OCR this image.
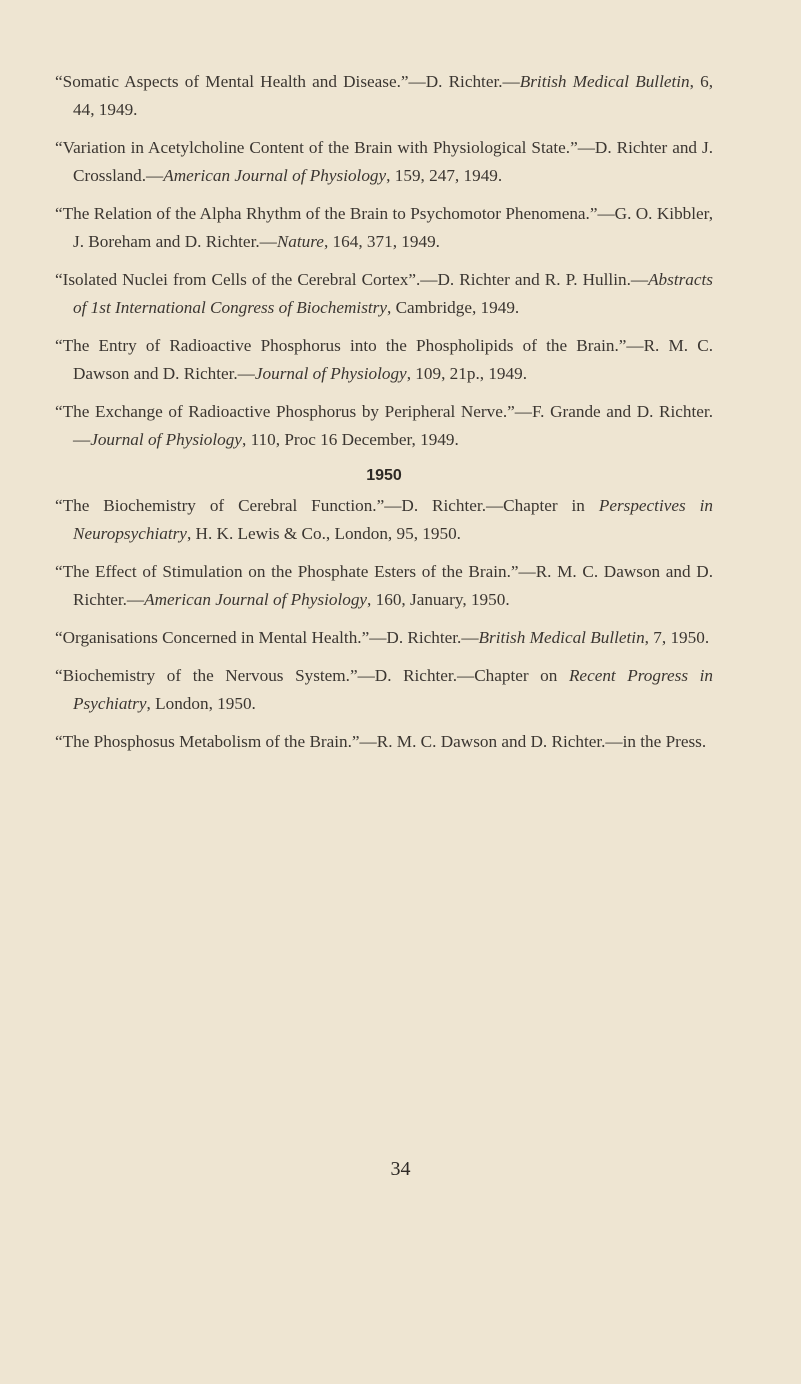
“Somatic Aspects of Mental Health and Disease.”—D. Richter.—British Medical Bulletin, 6, 44, 1949.

“Variation in Acetylcholine Content of the Brain with Physiological State.”—D. Richter and J. Crossland.—American Journal of Physiology, 159, 247, 1949.

“The Relation of the Alpha Rhythm of the Brain to Psychomotor Phenomena.”—G. O. Kibbler, J. Boreham and D. Richter.—Nature, 164, 371, 1949.

“Isolated Nuclei from Cells of the Cerebral Cortex”.—D. Richter and R. P. Hullin.—Abstracts of 1st International Congress of Biochemistry, Cambridge, 1949.

“The Entry of Radioactive Phosphorus into the Phospholipids of the Brain.”—R. M. C. Dawson and D. Richter.—Journal of Physiology, 109, 21p., 1949.

“The Exchange of Radioactive Phosphorus by Peripheral Nerve.”—F. Grande and D. Richter.—Journal of Physiology, 110, Proc 16 December, 1949.

1950

“The Biochemistry of Cerebral Function.”—D. Richter.—Chapter in Perspectives in Neuropsychiatry, H. K. Lewis & Co., London, 95, 1950.

“The Effect of Stimulation on the Phosphate Esters of the Brain.”—R. M. C. Dawson and D. Richter.—American Journal of Physiology, 160, January, 1950.

“Organisations Concerned in Mental Health.”—D. Richter.—British Medical Bulletin, 7, 1950.

“Biochemistry of the Nervous System.”—D. Richter.—Chapter on Recent Progress in Psychiatry, London, 1950.

“The Phosphosus Metabolism of the Brain.”—R. M. C. Dawson and D. Richter.—in the Press.

34
